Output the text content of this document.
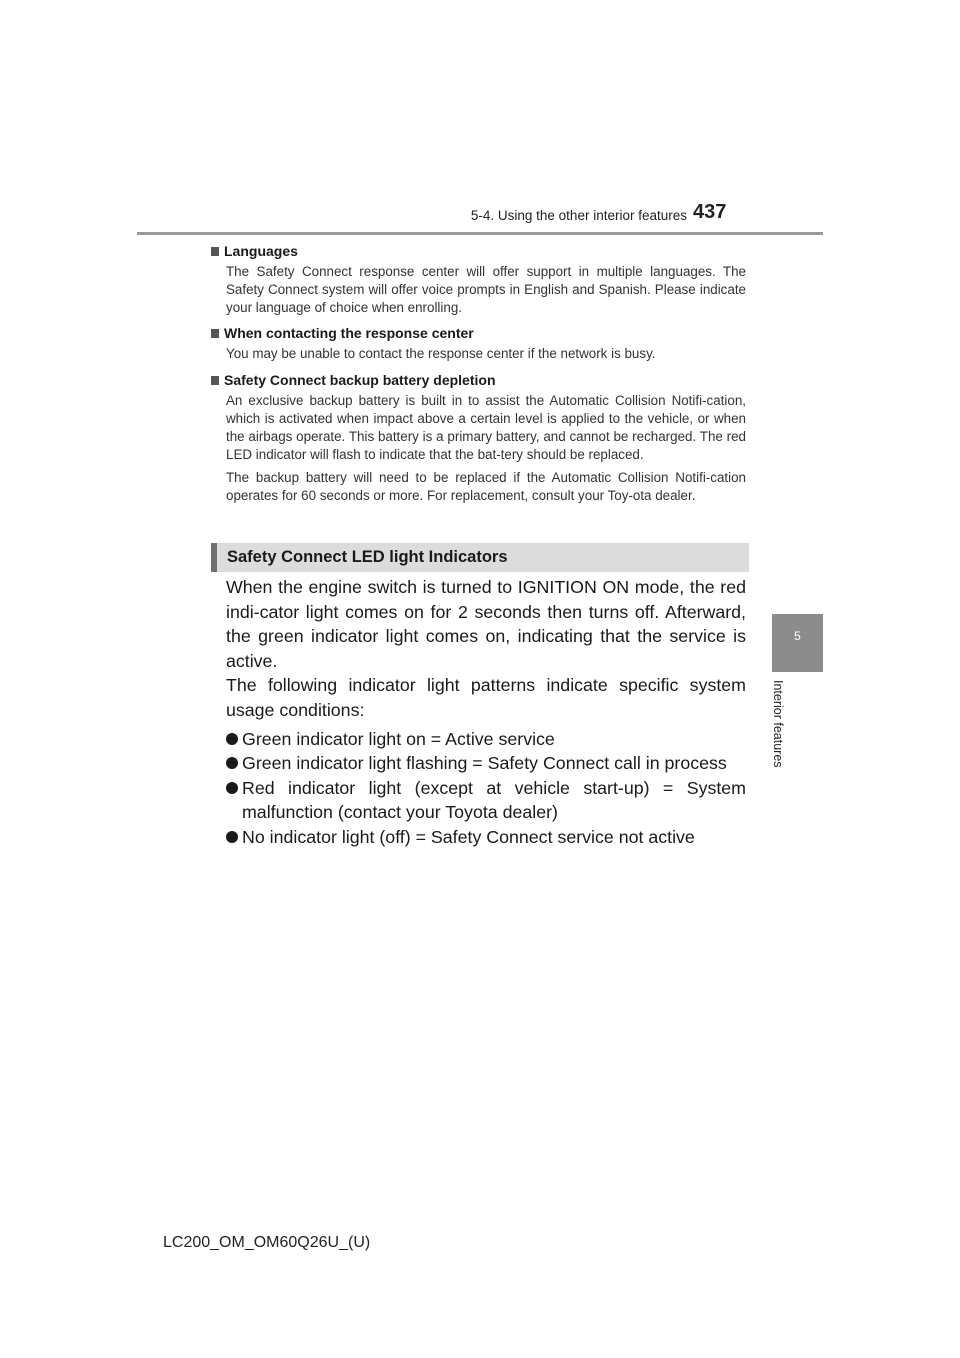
5-4. Using the other interior features 437
5
Interior features
Languages

The Safety Connect response center will offer support in multiple languages. The Safety Connect system will offer voice prompts in English and Spanish. Please indicate your language of choice when enrolling.

When contacting the response center

You may be unable to contact the response center if the network is busy.

Safety Connect backup battery depletion

An exclusive backup battery is built in to assist the Automatic Collision Notifi-cation, which is activated when impact above a certain level is applied to the vehicle, or when the airbags operate. This battery is a primary battery, and cannot be recharged. The red LED indicator will flash to indicate that the bat-tery should be replaced.

The backup battery will need to be replaced if the Automatic Collision Notifi-cation operates for 60 seconds or more. For replacement, consult your Toy-ota dealer.

Safety Connect LED light Indicators

When the engine switch is turned to IGNITION ON mode, the red indi-cator light comes on for 2 seconds then turns off. Afterward, the green indicator light comes on, indicating that the service is active.

The following indicator light patterns indicate specific system usage conditions:

Green indicator light on = Active service
Green indicator light flashing = Safety Connect call in process
Red indicator light (except at vehicle start-up) = System malfunction (contact your Toyota dealer)
No indicator light (off) = Safety Connect service not active
LC200_OM_OM60Q26U_(U)
